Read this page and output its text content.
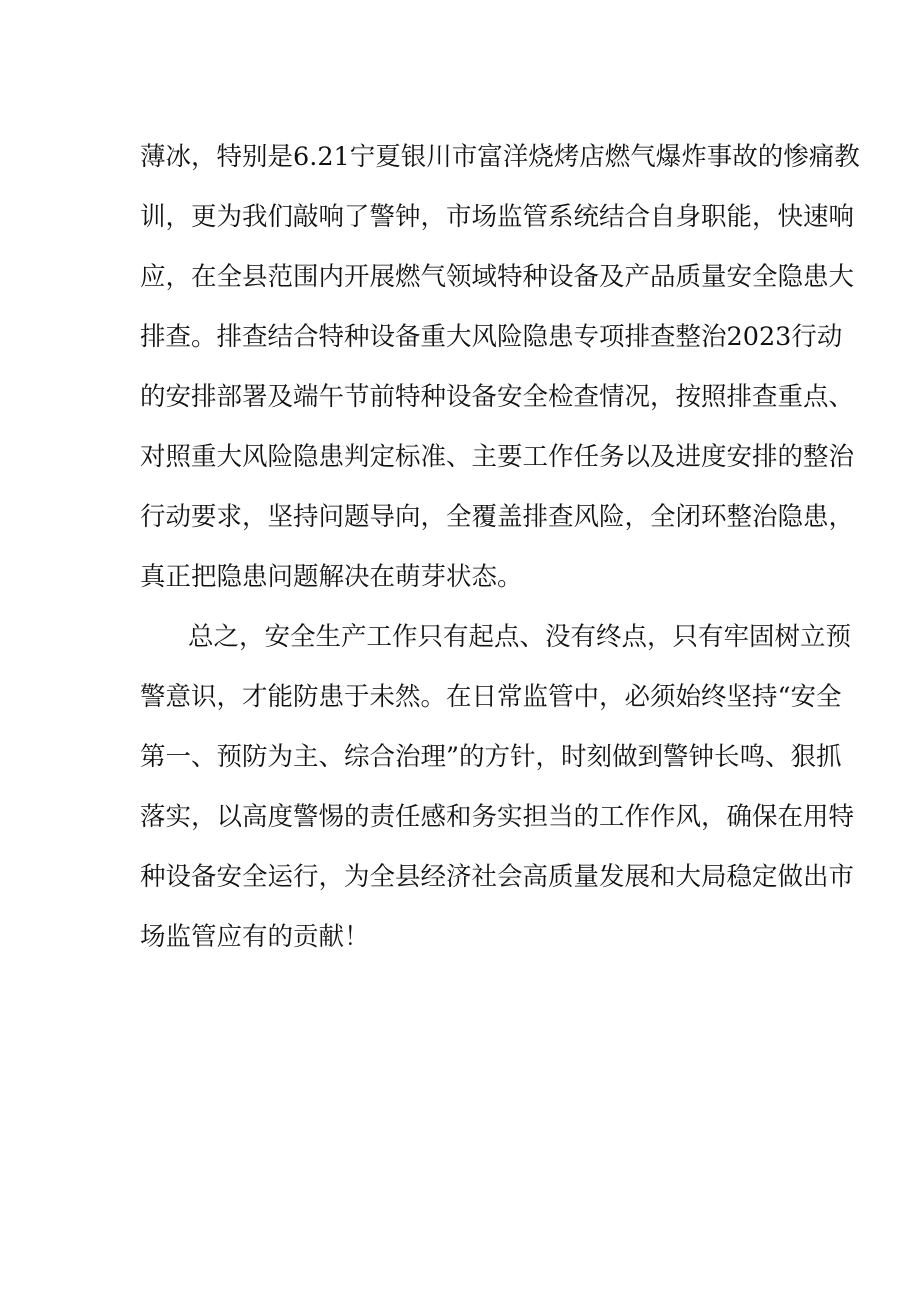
薄冰，特别是6.21宁夏银川市富洋烧烤店燃气爆炸事故的惨痛教
训，更为我们敲响了警钟，市场监管系统结合自身职能，快速响
应，在全县范围内开展燃气领域特种设备及产品质量安全隐患大
排查。排查结合特种设备重大风险隐患专项排查整治2023行动
的安排部署及端午节前特种设备安全检查情况，按照排查重点、
对照重大风险隐患判定标准、主要工作任务以及进度安排的整治
行动要求，坚持问题导向，全覆盖排查风险，全闭环整治隐患，
真正把隐患问题解决在萌芽状态。
总之，安全生产工作只有起点、没有终点，只有牢固树立预
警意识，才能防患于未然。在日常监管中，必须始终坚持“安全
第一、预防为主、综合治理”的方针，时刻做到警钟长鸣、狠抓
落实，以高度警惕的责任感和务实担当的工作作风，确保在用特
种设备安全运行，为全县经济社会高质量发展和大局稳定做出市
场监管应有的贡献！
